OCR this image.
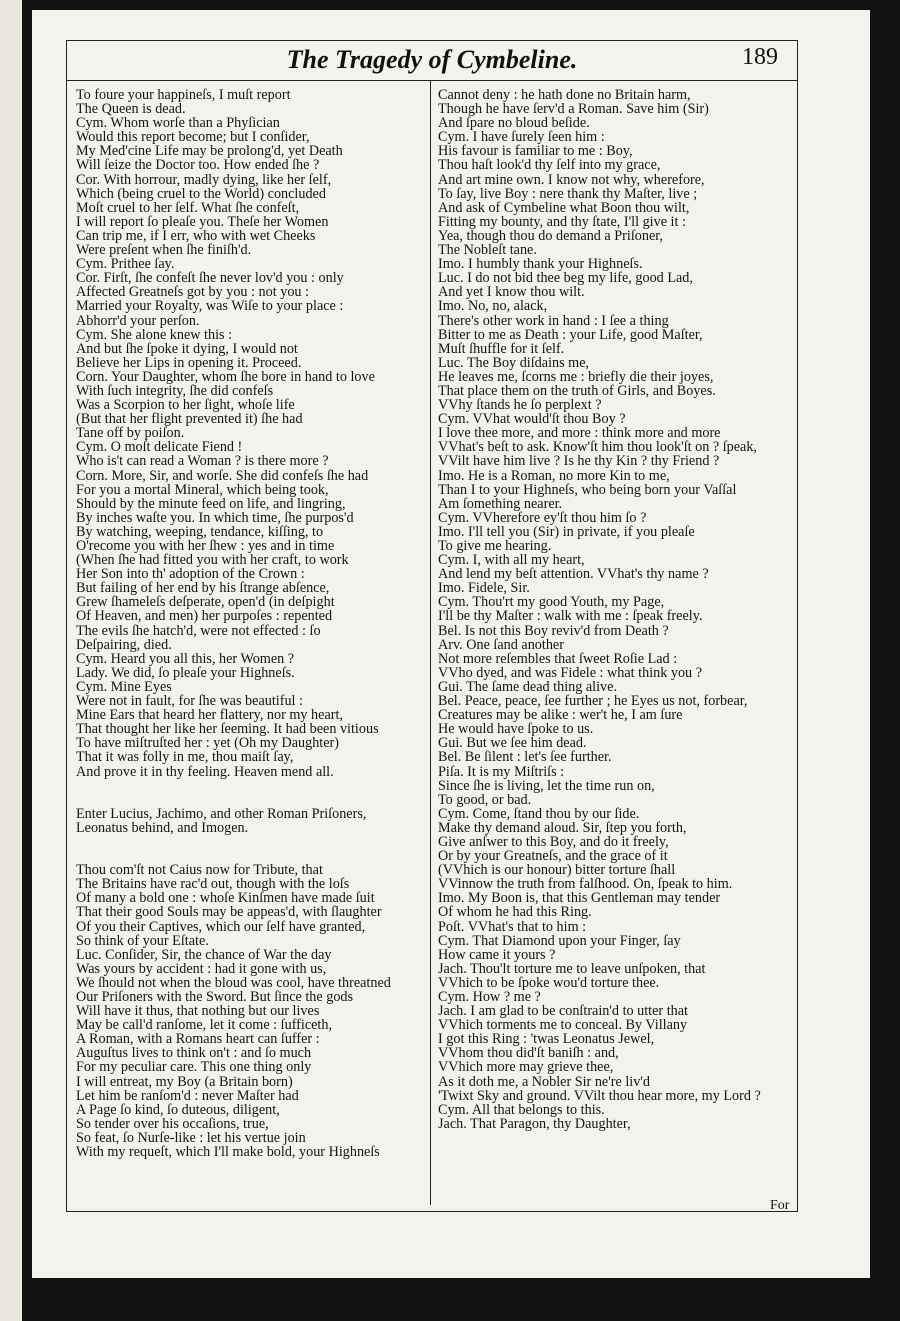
The Tragedy of Cymbeline.	189
To foure your happineſs, I muſt report
The Queen is dead.
Cym. Whom worſe than a Phyſician
Would this report become; but I conſider,
My Med'cine Life may be prolong'd, yet Death
Will ſeize the Doctor too. How ended ſhe ?
Cor. With horrour, madly dying, like her ſelf,
Which (being cruel to the World) concluded
Moſt cruel to her ſelf. What ſhe confeſt,
I will report ſo pleaſe you. Theſe her Women
Can trip me, if I err, who with wet Cheeks
Were preſent when ſhe finiſh'd.
Cym. Prithee ſay.
Cor. Firſt, ſhe confeſt ſhe never lov'd you : only
Affected Greatneſs got by you : not you :
Married your Royalty, was Wiſe to your place :
Abhorr'd your perſon.
Cym. She alone knew this :
And but ſhe ſpoke it dying, I would not
Believe her Lips in opening it. Proceed.
Corn. Your Daughter, whom ſhe bore in hand to love
With ſuch integrity, ſhe did confeſs
Was a Scorpion to her ſight, whoſe life
(But that her flight prevented it) ſhe had
Tane off by poiſon.
Cym. O moſt delicate Fiend !
Who is't can read a Woman ? is there more ?
Corn. More, Sir, and worſe. She did confeſs ſhe had
For you a mortal Mineral, which being took,
Should by the minute feed on life, and lingring,
By inches waſte you. In which time, ſhe purpos'd
By watching, weeping, tendance, kiſſing, to
O'recome you with her ſhew : yes and in time
(When ſhe had fitted you with her craft, to work
Her Son into th' adoption of the Crown :
But failing of her end by his ſtrange abſence,
Grew ſhameleſs deſperate, open'd (in deſpight
Of Heaven, and men) her purpoſes : repented
The evils ſhe hatch'd, were not effected : ſo
Deſpairing, died.
Cym. Heard you all this, her Women ?
Lady. We did, ſo pleaſe your Highneſs.
Cym. Mine Eyes
Were not in fault, for ſhe was beautiful :
Mine Ears that heard her flattery, nor my heart,
That thought her like her ſeeming. It had been vitious
To have miſtruſted her : yet (Oh my Daughter)
That it was folly in me, thou maiſt ſay,
And prove it in thy feeling. Heaven mend all.
Enter Lucius, Jachimo, and other Roman Priſoners,
Leonatus behind, and Imogen.
Thou com'ſt not Caius now for Tribute, that
The Britains have rac'd out, though with the loſs
Of many a bold one : whoſe Kinſmen have made ſuit
That their good Souls may be appeas'd, with ſlaughter
Of you their Captives, which our ſelf have granted,
So think of your Eſtate.
Luc. Conſider, Sir, the chance of War the day
Was yours by accident : had it gone with us,
We ſhould not when the bloud was cool, have threatned
Our Priſoners with the Sword. But ſince the gods
Will have it thus, that nothing but our lives
May be call'd ranſome, let it come : ſufficeth,
A Roman, with a Romans heart can ſuffer :
Auguſtus lives to think on't : and ſo much
For my peculiar care. This one thing only
I will entreat, my Boy (a Britain born)
Let him be ranſom'd : never Maſter had
A Page ſo kind, ſo duteous, diligent,
So tender over his occaſions, true,
So feat, ſo Nurſe-like : let his vertue join
With my requeſt, which I'll make bold, your Highneſs
Cannot deny : he hath done no Britain harm,
Though he have ſerv'd a Roman. Save him (Sir)
And ſpare no bloud beſide.
Cym. I have ſurely ſeen him :
His favour is familiar to me : Boy,
Thou haſt look'd thy ſelf into my grace,
And art mine own. I know not why, wherefore,
To ſay, live Boy : nere thank thy Maſter, live ;
And ask of Cymbeline what Boon thou wilt,
Fitting my bounty, and thy ſtate, I'll give it :
Yea, though thou do demand a Priſoner,
The Nobleſt tane.
Imo. I humbly thank your Highneſs.
Luc. I do not bid thee beg my life, good Lad,
And yet I know thou wilt.
Imo. No, no, alack,
There's other work in hand : I ſee a thing
Bitter to me as Death : your Life, good Maſter,
Muſt ſhuffle for it ſelf.
Luc. The Boy diſdains me,
He leaves me, ſcorns me : briefly die their joyes,
That place them on the truth of Girls, and Boyes.
VVhy ſtands he ſo perplext ?
Cym. VVhat would'ſt thou Boy ?
I love thee more, and more : think more and more
VVhat's beſt to ask. Know'ſt him thou look'ſt on ? ſpeak,
VVilt have him live ? Is he thy Kin ? thy Friend ?
Imo. He is a Roman, no more Kin to me,
Than I to your Highneſs, who being born your Vaſſal
Am ſomething nearer.
Cym. VVherefore ey'ſt thou him ſo ?
Imo. I'll tell you (Sir) in private, if you pleaſe
To give me hearing.
Cym. I, with all my heart,
And lend my beſt attention. VVhat's thy name ?
Imo. Fidele, Sir.
Cym. Thou'rt my good Youth, my Page,
I'll be thy Maſter : walk with me : ſpeak freely.
Bel. Is not this Boy reviv'd from Death ?
Arv. One ſand another
Not more reſembles that ſweet Roſie Lad :
VVho dyed, and was Fidele : what think you ?
Gui. The ſame dead thing alive.
Bel. Peace, peace, ſee further ; he Eyes us not, forbear,
Creatures may be alike : wer't he, I am ſure
He would have ſpoke to us.
Gui. But we ſee him dead.
Bel. Be ſilent : let's ſee further.
Piſa. It is my Miſtriſs :
Since ſhe is living, let the time run on,
To good, or bad.
Cym. Come, ſtand thou by our ſide.
Make thy demand aloud. Sir, ſtep you forth,
Give anſwer to this Boy, and do it freely,
Or by your Greatneſs, and the grace of it
(VVhich is our honour) bitter torture ſhall
VVinnow the truth from falſhood. On, ſpeak to him.
Imo. My Boon is, that this Gentleman may tender
Of whom he had this Ring.
Poſt. VVhat's that to him :
Cym. That Diamond upon your Finger, ſay
How came it yours ?
Jach. Thou'lt torture me to leave unſpoken, that
VVhich to be ſpoke wou'd torture thee.
Cym. How ? me ?
Jach. I am glad to be conſtrain'd to utter that
VVhich torments me to conceal. By Villany
I got this Ring : 'twas Leonatus Jewel,
VVhom thou did'ſt baniſh : and,
VVhich more may grieve thee,
As it doth me, a Nobler Sir ne're liv'd
'Twixt Sky and ground. VVilt thou hear more, my Lord ?
Cym. All that belongs to this.
Jach. That Paragon, thy Daughter,
For
